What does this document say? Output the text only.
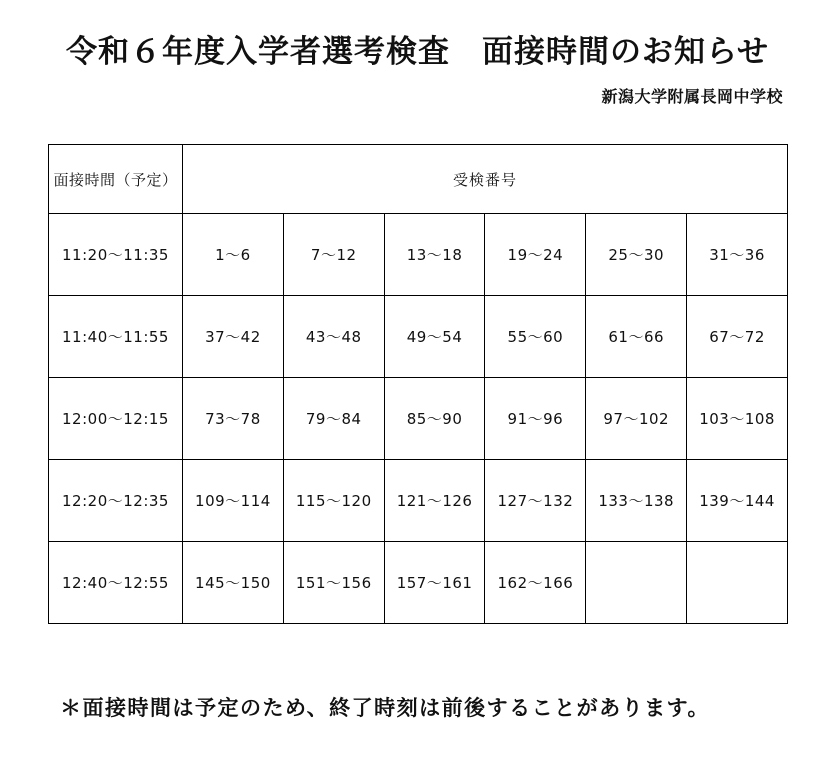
令和６年度入学者選考検査　面接時間のお知らせ
新潟大学附属長岡中学校
面接時間（予定）	受検番号					
11:20〜11:35	1〜6	7〜12	13〜18	19〜24	25〜30	31〜36
11:40〜11:55	37〜42	43〜48	49〜54	55〜60	61〜66	67〜72
12:00〜12:15	73〜78	79〜84	85〜90	91〜96	97〜102	103〜108
12:20〜12:35	109〜114	115〜120	121〜126	127〜132	133〜138	139〜144
12:40〜12:55	145〜150	151〜156	157〜161	162〜166		
＊面接時間は予定のため、終了時刻は前後することがあります。
